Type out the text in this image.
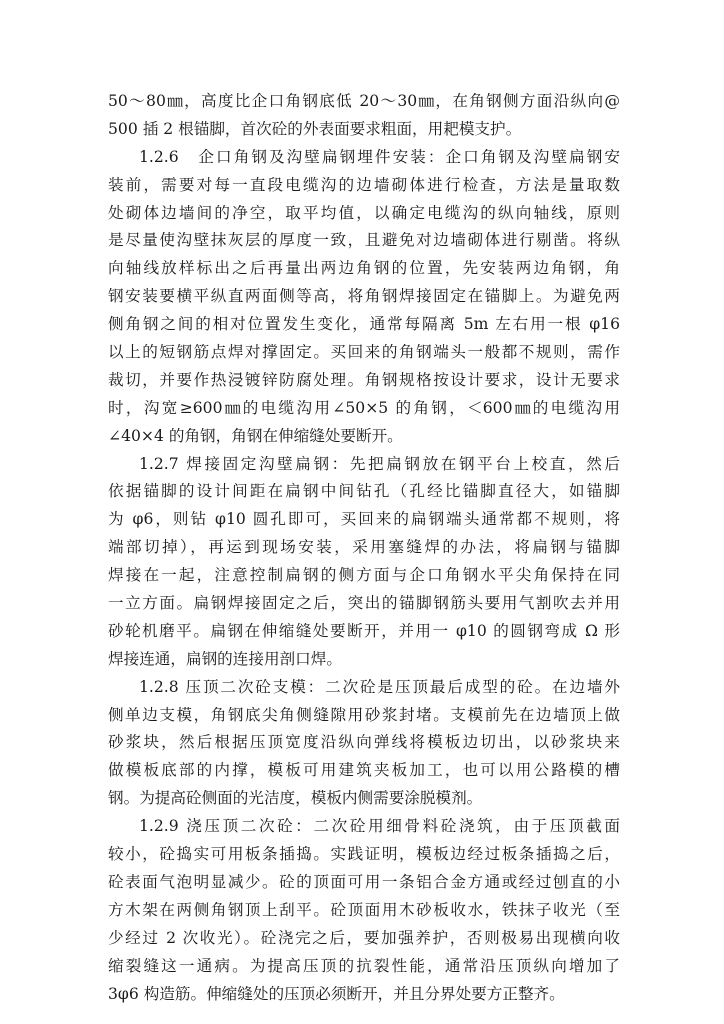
50～80㎜，高度比企口角钢底低 20～30㎜，在角钢侧方面沿纵向@
500 插 2 根锚脚，首次砼的外表面要求粗面，用耙模支护。
1.2.6　企口角钢及沟壁扁钢埋件安装：企口角钢及沟壁扁钢安
装前，需要对每一直段电缆沟的边墙砌体进行检查，方法是量取数
处砌体边墙间的净空，取平均值，以确定电缆沟的纵向轴线，原则
是尽量使沟壁抹灰层的厚度一致，且避免对边墙砌体进行剔凿。将纵
向轴线放样标出之后再量出两边角钢的位置，先安装两边角钢，角
钢安装要横平纵直两面侧等高，将角钢焊接固定在锚脚上。为避免两
侧角钢之间的相对位置发生变化，通常每隔离 5m 左右用一根 φ16
以上的短钢筋点焊对撑固定。买回来的角钢端头一般都不规则，需作
裁切，并要作热浸镀锌防腐处理。角钢规格按设计要求，设计无要求
时，沟宽≥600㎜的电缆沟用∠50×5 的角钢，＜600㎜的电缆沟用
∠40×4 的角钢，角钢在伸缩缝处要断开。
1.2.7 焊接固定沟壁扁钢：先把扁钢放在钢平台上校直，然后
依据锚脚的设计间距在扁钢中间钻孔（孔经比锚脚直径大，如锚脚
为 φ6，则钻 φ10 圆孔即可，买回来的扁钢端头通常都不规则，将
端部切掉），再运到现场安装，采用塞缝焊的办法，将扁钢与锚脚
焊接在一起，注意控制扁钢的侧方面与企口角钢水平尖角保持在同
一立方面。扁钢焊接固定之后，突出的锚脚钢筋头要用气割吹去并用
砂轮机磨平。扁钢在伸缩缝处要断开，并用一 φ10 的圆钢弯成 Ω 形
焊接连通，扁钢的连接用剖口焊。
1.2.8 压顶二次砼支模：二次砼是压顶最后成型的砼。在边墙外
侧单边支模，角钢底尖角侧缝隙用砂浆封堵。支模前先在边墙顶上做
砂浆块，然后根据压顶宽度沿纵向弹线将模板边切出，以砂浆块来
做模板底部的内撑，模板可用建筑夹板加工，也可以用公路模的槽
钢。为提高砼侧面的光洁度，模板内侧需要涂脱模剂。
1.2.9 浇压顶二次砼：二次砼用细骨料砼浇筑，由于压顶截面
较小，砼捣实可用板条插捣。实践证明，模板边经过板条插捣之后，
砼表面气泡明显减少。砼的顶面可用一条铝合金方通或经过刨直的小
方木架在两侧角钢顶上刮平。砼顶面用木砂板收水，铁抹子收光（至
少经过 2 次收光）。砼浇完之后，要加强养护，否则极易出现横向收
缩裂缝这一通病。为提高压顶的抗裂性能，通常沿压顶纵向增加了
3φ6 构造筋。伸缩缝处的压顶必须断开，并且分界处要方正整齐。
